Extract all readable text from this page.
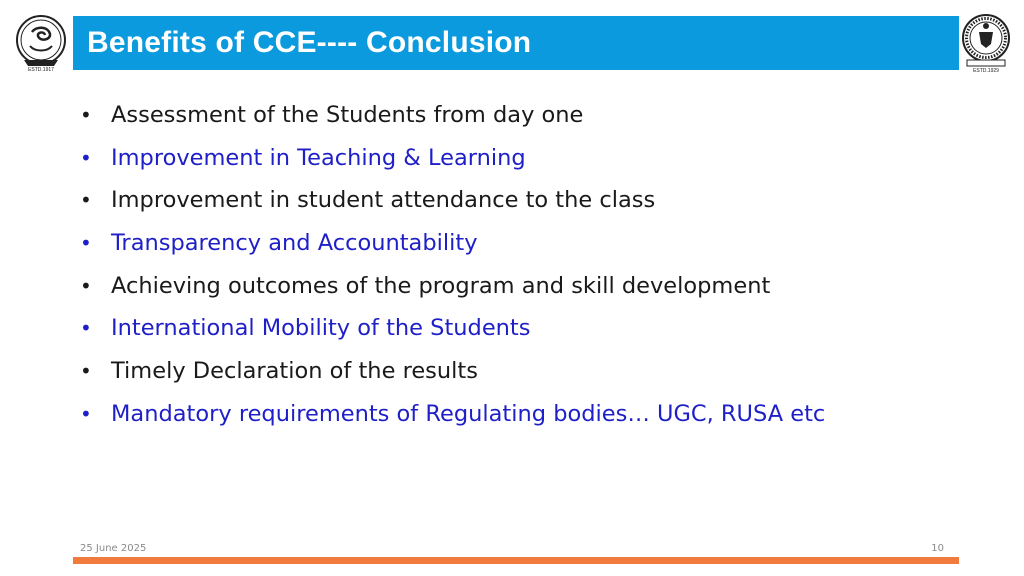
ESTD.1917
Benefits of CCE---- Conclusion
ESTD.1929
• Assessment of the Students from day one
• Improvement in Teaching & Learning
• Improvement in student attendance to the class
• Transparency and Accountability
• Achieving outcomes of the program and skill development
• International Mobility of the Students
• Timely Declaration of the results
• Mandatory requirements of Regulating bodies… UGC, RUSA etc
25 June 2025	10
